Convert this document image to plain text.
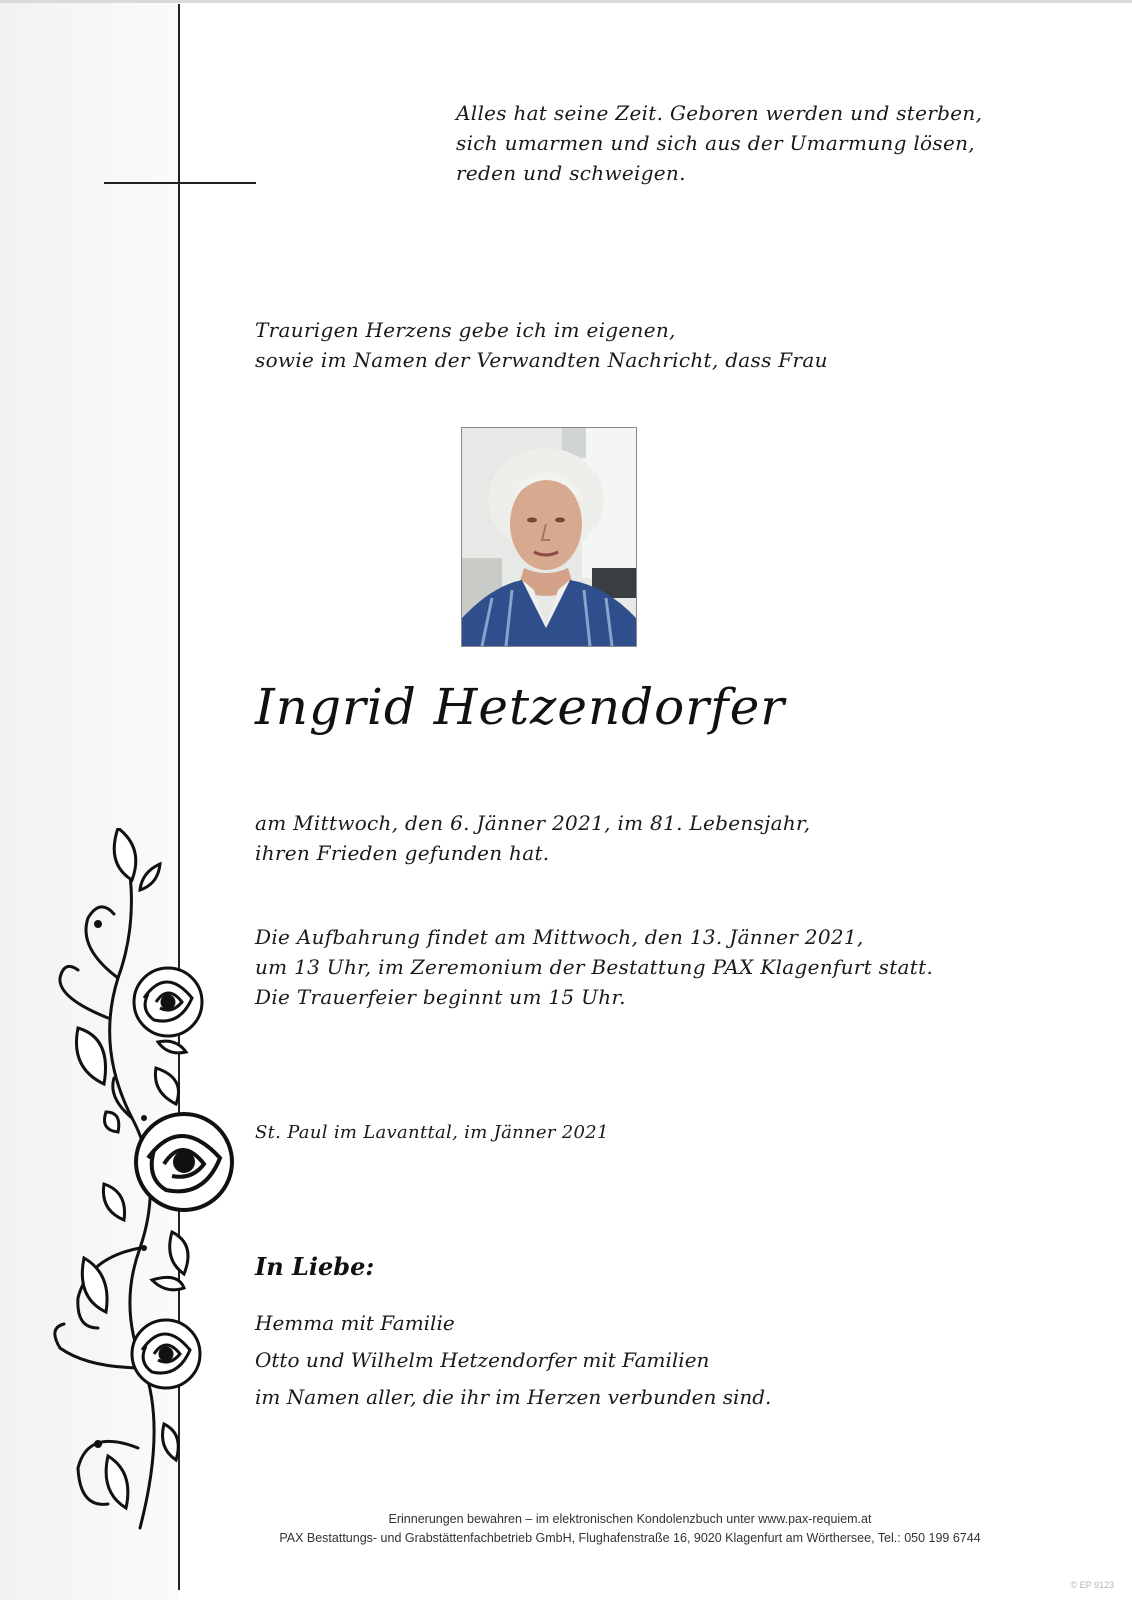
Alles hat seine Zeit. Geboren werden und sterben,

sich umarmen und sich aus der Umarmung lösen,

reden und schweigen.

Traurigen Herzens gebe ich im eigenen,

sowie im Namen der Verwandten Nachricht, dass Frau

Ingrid Hetzendorfer

am Mittwoch, den 6. Jänner 2021, im 81. Lebensjahr,

ihren Frieden gefunden hat.

Die Aufbahrung findet am Mittwoch, den 13. Jänner 2021,

um 13 Uhr, im Zeremonium der Bestattung PAX Klagenfurt statt.

Die Trauerfeier beginnt um 15 Uhr.

St. Paul im Lavanttal, im Jänner 2021

In Liebe:
Hemma mit Familie
Otto und Wilhelm Hetzendorfer mit Familien
im Namen aller, die ihr im Herzen verbunden sind.

Erinnerungen bewahren – im elektronischen Kondolenzbuch unter www.pax-requiem.at

PAX Bestattungs- und Grabstättenfachbetrieb GmbH, Flughafenstraße 16, 9020 Klagenfurt am Wörthersee, Tel.: 050 199 6744

© EP 9123
